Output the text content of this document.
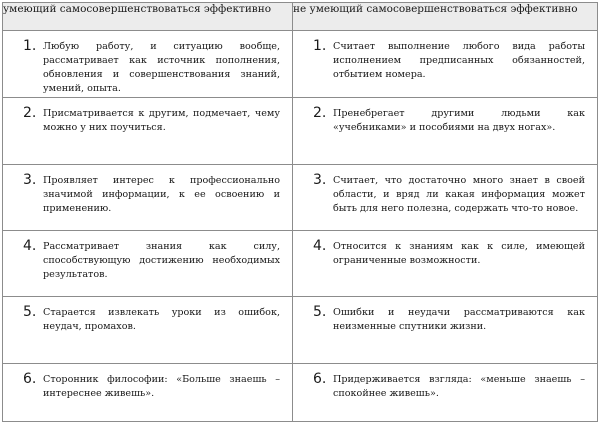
умеющий самосовершенствоваться эффективно	не умеющий самосовершенствоваться эффективно

1. Любую работу, и ситуацию вообще, рассматривает как источник пополнения, обновления и совершенствования знаний, умений, опыта.	1. Считает выполнение любого вида работы исполнением предписанных обязанностей, отбытием номера.

2. Присматривается к другим, подмечает, чему можно у них поучиться.	2. Пренебрегает другими людьми как «учебниками» и пособиями на двух ногах».

3. Проявляет интерес к профессионально значимой информации, к ее освоению и применению.	3. Считает, что достаточно много знает в своей области, и вряд ли какая информация может быть для него полезна, содержать что-то новое.

4. Рассматривает знания как силу, способствующую достижению необходимых результатов.	4. Относится к знаниям как к силе, имеющей ограниченные возможности.

5. Старается извлекать уроки из ошибок, неудач, промахов.	5. Ошибки и неудачи рассматриваются как неизменные спутники жизни.

6. Сторонник философии: «Больше знаешь – интереснее живешь».	6. Придерживается взгляда: «меньше знаешь – спокойнее живешь».
